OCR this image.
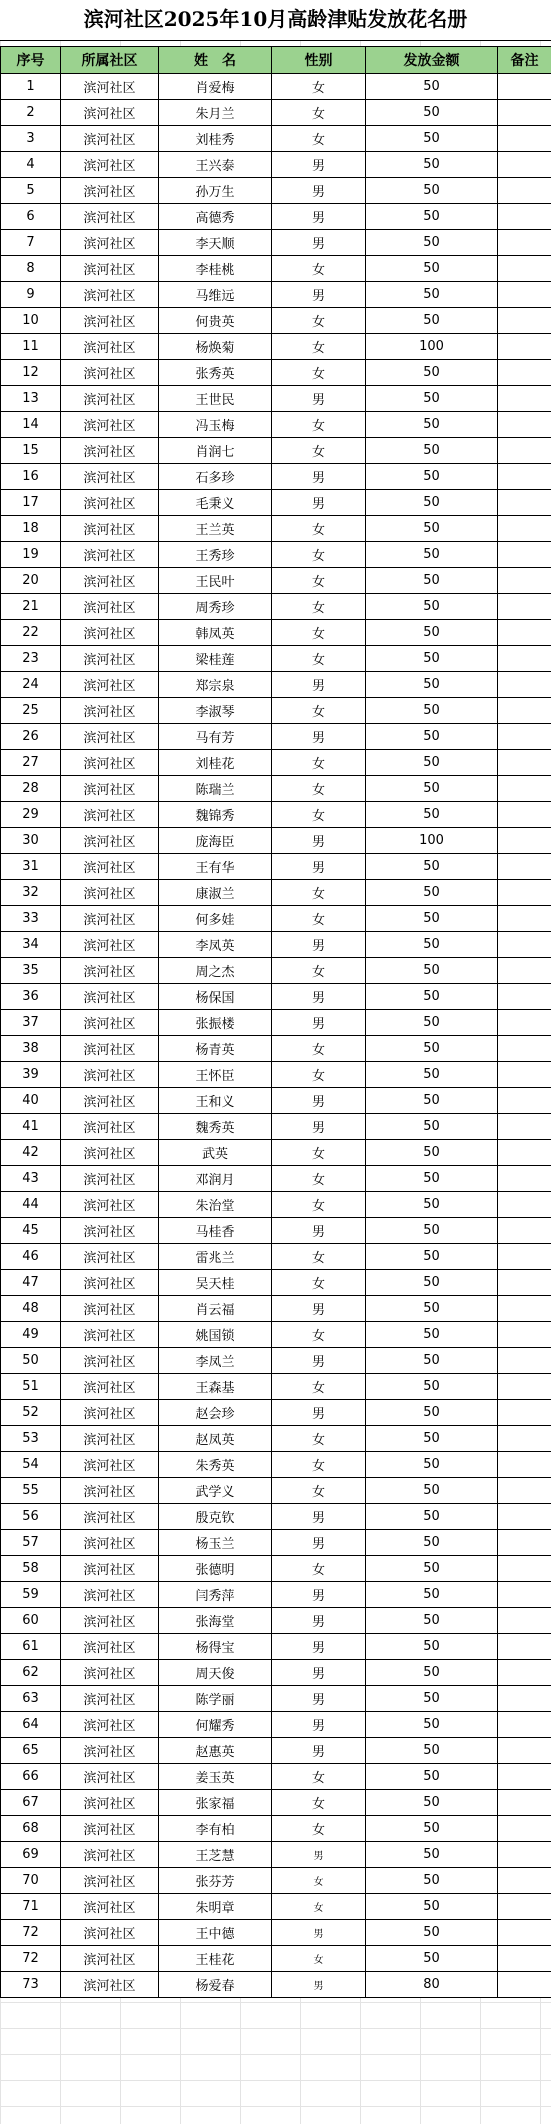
滨河社区2025年10月高龄津贴发放花名册
序号	所属社区	姓　名	性别	发放金额	备注
1	滨河社区	肖爱梅	女	50	
2	滨河社区	朱月兰	女	50	
3	滨河社区	刘桂秀	女	50	
4	滨河社区	王兴泰	男	50	
5	滨河社区	孙万生	男	50	
6	滨河社区	高德秀	男	50	
7	滨河社区	李天顺	男	50	
8	滨河社区	李桂桃	女	50	
9	滨河社区	马维远	男	50	
10	滨河社区	何贵英	女	50	
11	滨河社区	杨焕菊	女	100	
12	滨河社区	张秀英	女	50	
13	滨河社区	王世民	男	50	
14	滨河社区	冯玉梅	女	50	
15	滨河社区	肖润七	女	50	
16	滨河社区	石多珍	男	50	
17	滨河社区	毛秉义	男	50	
18	滨河社区	王兰英	女	50	
19	滨河社区	王秀珍	女	50	
20	滨河社区	王民叶	女	50	
21	滨河社区	周秀珍	女	50	
22	滨河社区	韩凤英	女	50	
23	滨河社区	梁桂莲	女	50	
24	滨河社区	郑宗泉	男	50	
25	滨河社区	李淑琴	女	50	
26	滨河社区	马有芳	男	50	
27	滨河社区	刘桂花	女	50	
28	滨河社区	陈瑞兰	女	50	
29	滨河社区	魏锦秀	女	50	
30	滨河社区	庞海臣	男	100	
31	滨河社区	王有华	男	50	
32	滨河社区	康淑兰	女	50	
33	滨河社区	何多娃	女	50	
34	滨河社区	李凤英	男	50	
35	滨河社区	周之杰	女	50	
36	滨河社区	杨保国	男	50	
37	滨河社区	张振楼	男	50	
38	滨河社区	杨青英	女	50	
39	滨河社区	王怀臣	女	50	
40	滨河社区	王和义	男	50	
41	滨河社区	魏秀英	男	50	
42	滨河社区	武英	女	50	
43	滨河社区	邓润月	女	50	
44	滨河社区	朱治堂	女	50	
45	滨河社区	马桂香	男	50	
46	滨河社区	雷兆兰	女	50	
47	滨河社区	吴天桂	女	50	
48	滨河社区	肖云福	男	50	
49	滨河社区	姚国锁	女	50	
50	滨河社区	李凤兰	男	50	
51	滨河社区	王森基	女	50	
52	滨河社区	赵会珍	男	50	
53	滨河社区	赵凤英	女	50	
54	滨河社区	朱秀英	女	50	
55	滨河社区	武学义	女	50	
56	滨河社区	殷克钦	男	50	
57	滨河社区	杨玉兰	男	50	
58	滨河社区	张德明	女	50	
59	滨河社区	闫秀萍	男	50	
60	滨河社区	张海堂	男	50	
61	滨河社区	杨得宝	男	50	
62	滨河社区	周天俊	男	50	
63	滨河社区	陈学丽	男	50	
64	滨河社区	何耀秀	男	50	
65	滨河社区	赵惠英	男	50	
66	滨河社区	姜玉英	女	50	
67	滨河社区	张家福	女	50	
68	滨河社区	李有柏	女	50	
69	滨河社区	王芝慧	男	50	
70	滨河社区	张芬芳	女	50	
71	滨河社区	朱明章	女	50	
72	滨河社区	王中德	男	50	
72	滨河社区	王桂花	女	50	
73	滨河社区	杨爱春	男	80	
